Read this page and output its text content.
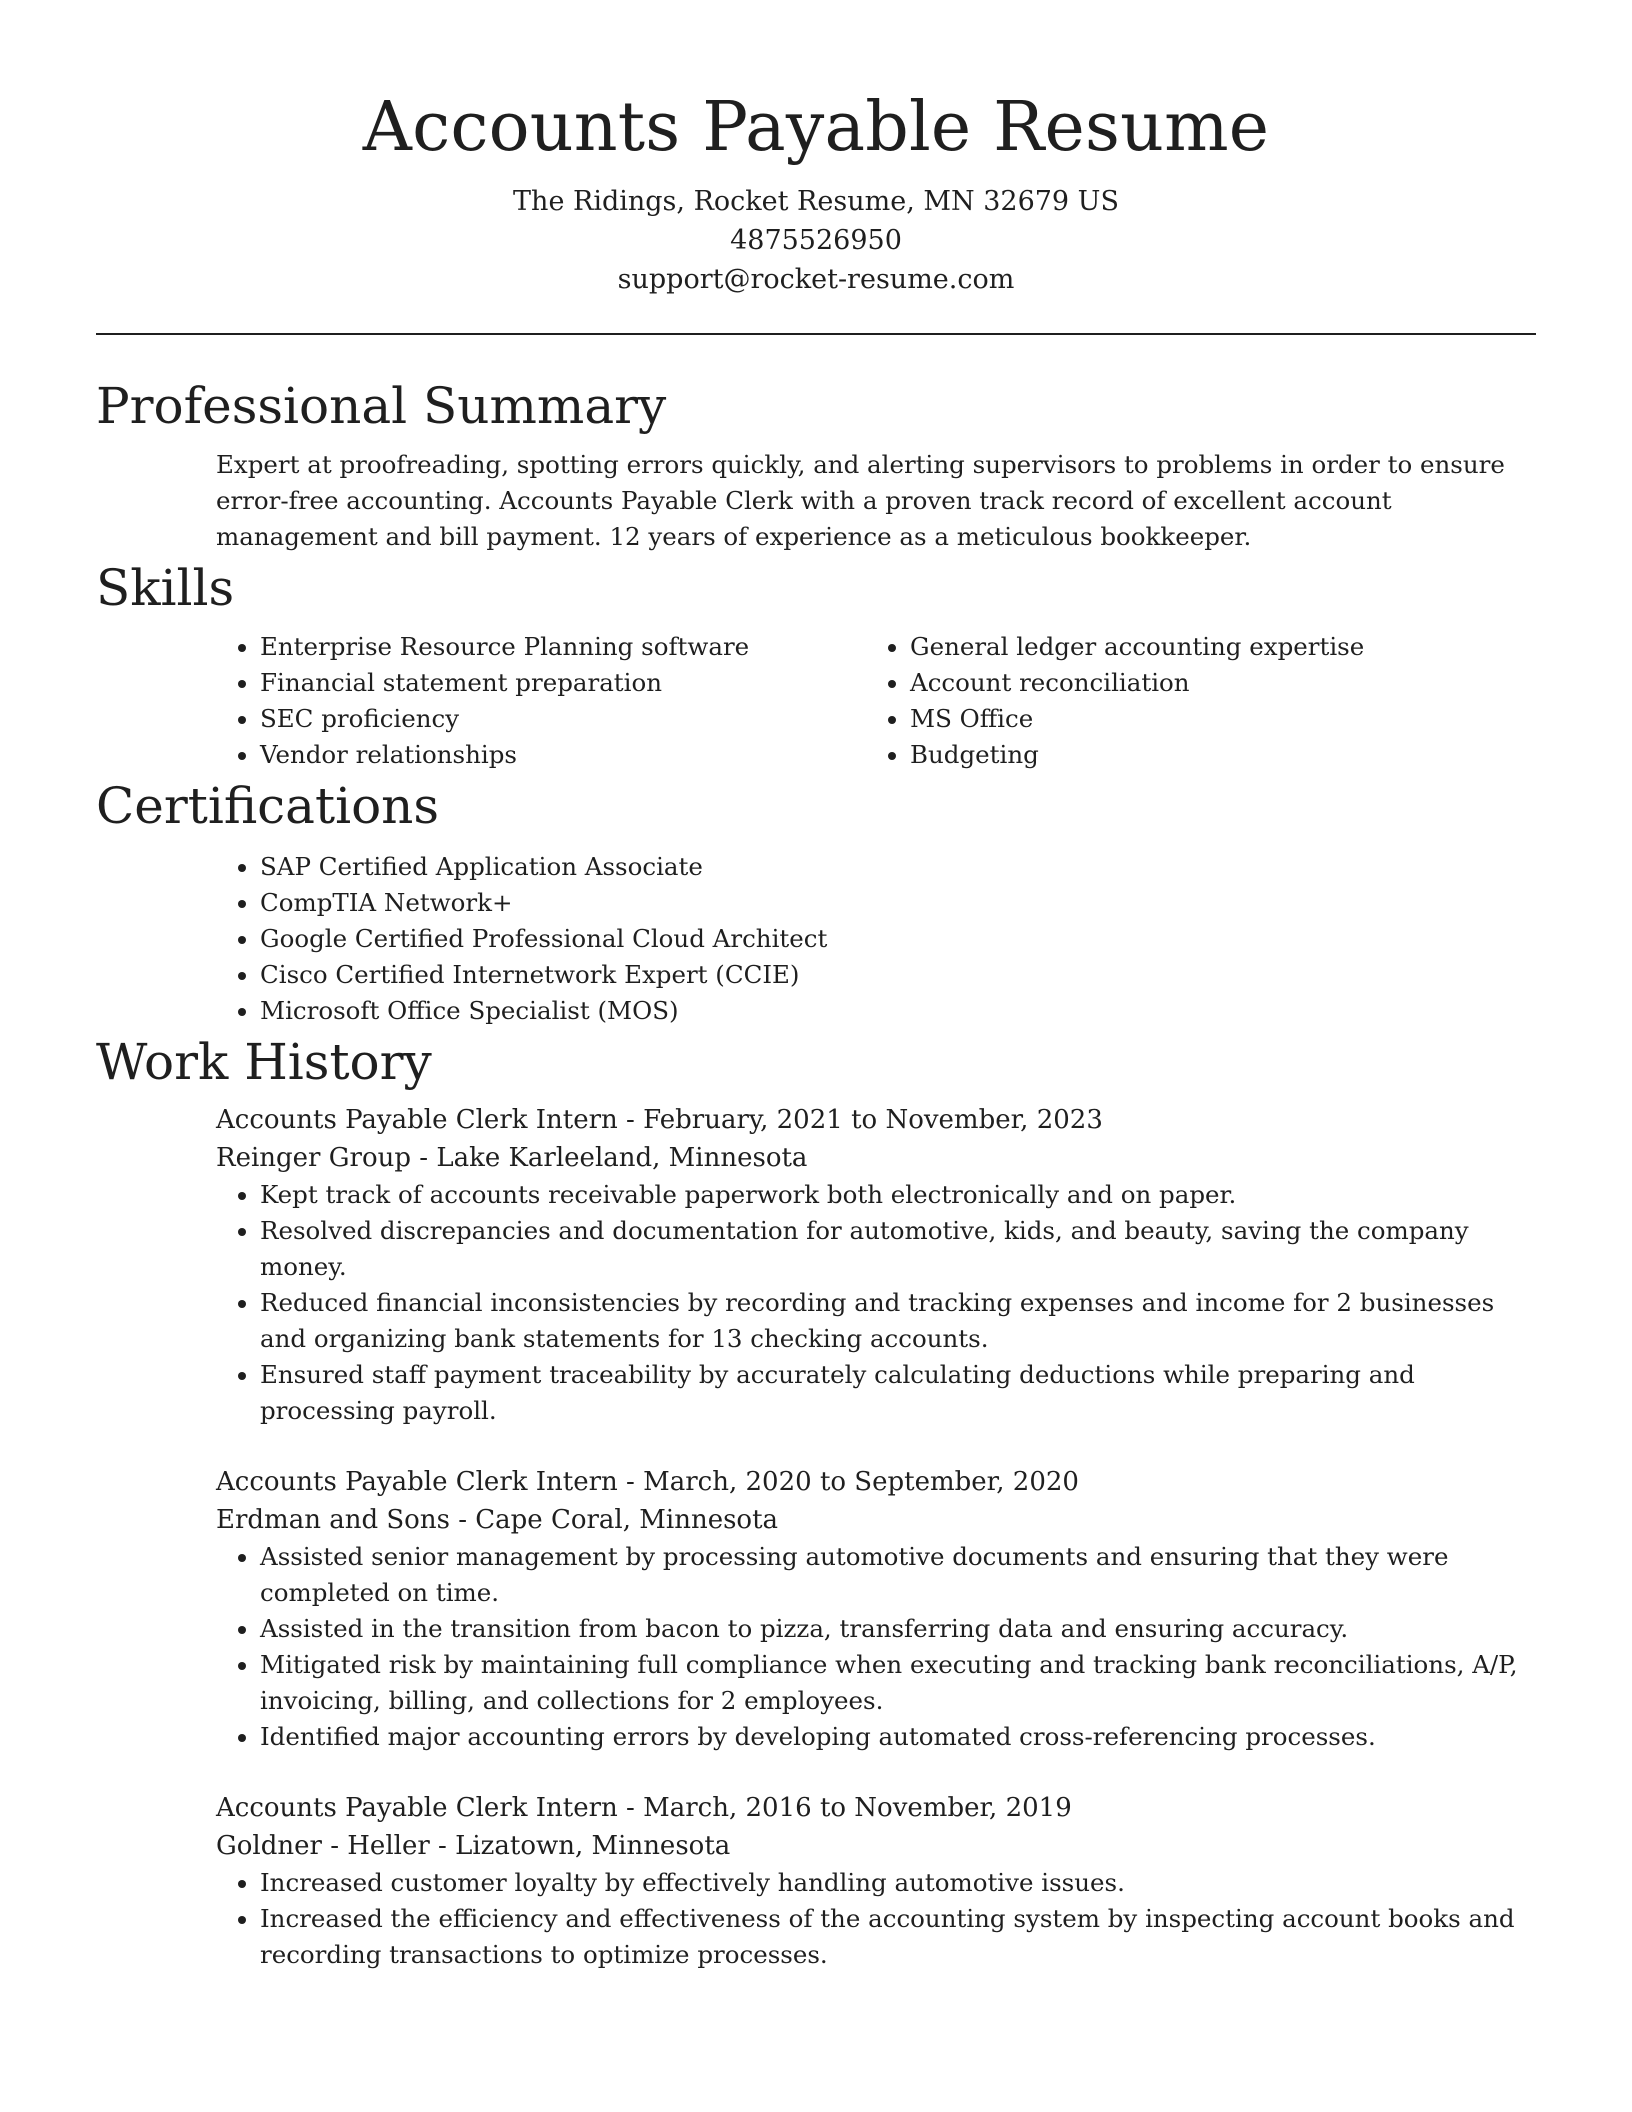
Accounts Payable Resume
The Ridings, Rocket Resume, MN 32679 US
4875526950
support@rocket-resume.com
Professional Summary

Expert at proofreading, spotting errors quickly, and alerting supervisors to problems in order to ensure error-free accounting. Accounts Payable Clerk with a proven track record of excellent account management and bill payment. 12 years of experience as a meticulous bookkeeper.

Skills
• Enterprise Resource Planning software
• Financial statement preparation
• SEC proficiency
• Vendor relationships
• General ledger accounting expertise
• Account reconciliation
• MS Office
• Budgeting
Certifications
• SAP Certified Application Associate
• CompTIA Network+
• Google Certified Professional Cloud Architect
• Cisco Certified Internetwork Expert (CCIE)
• Microsoft Office Specialist (MOS)
Work History
Accounts Payable Clerk Intern - February, 2021 to November, 2023
Reinger Group - Lake Karleeland, Minnesota
• Kept track of accounts receivable paperwork both electronically and on paper.
• Resolved discrepancies and documentation for automotive, kids, and beauty, saving the company money.
• Reduced financial inconsistencies by recording and tracking expenses and income for 2 businesses and organizing bank statements for 13 checking accounts.
• Ensured staff payment traceability by accurately calculating deductions while preparing and processing payroll.
Accounts Payable Clerk Intern - March, 2020 to September, 2020
Erdman and Sons - Cape Coral, Minnesota
• Assisted senior management by processing automotive documents and ensuring that they were completed on time.
• Assisted in the transition from bacon to pizza, transferring data and ensuring accuracy.
• Mitigated risk by maintaining full compliance when executing and tracking bank reconciliations, A/P, invoicing, billing, and collections for 2 employees.
• Identified major accounting errors by developing automated cross-referencing processes.
Accounts Payable Clerk Intern - March, 2016 to November, 2019
Goldner - Heller - Lizatown, Minnesota
• Increased customer loyalty by effectively handling automotive issues.
• Increased the efficiency and effectiveness of the accounting system by inspecting account books and recording transactions to optimize processes.
